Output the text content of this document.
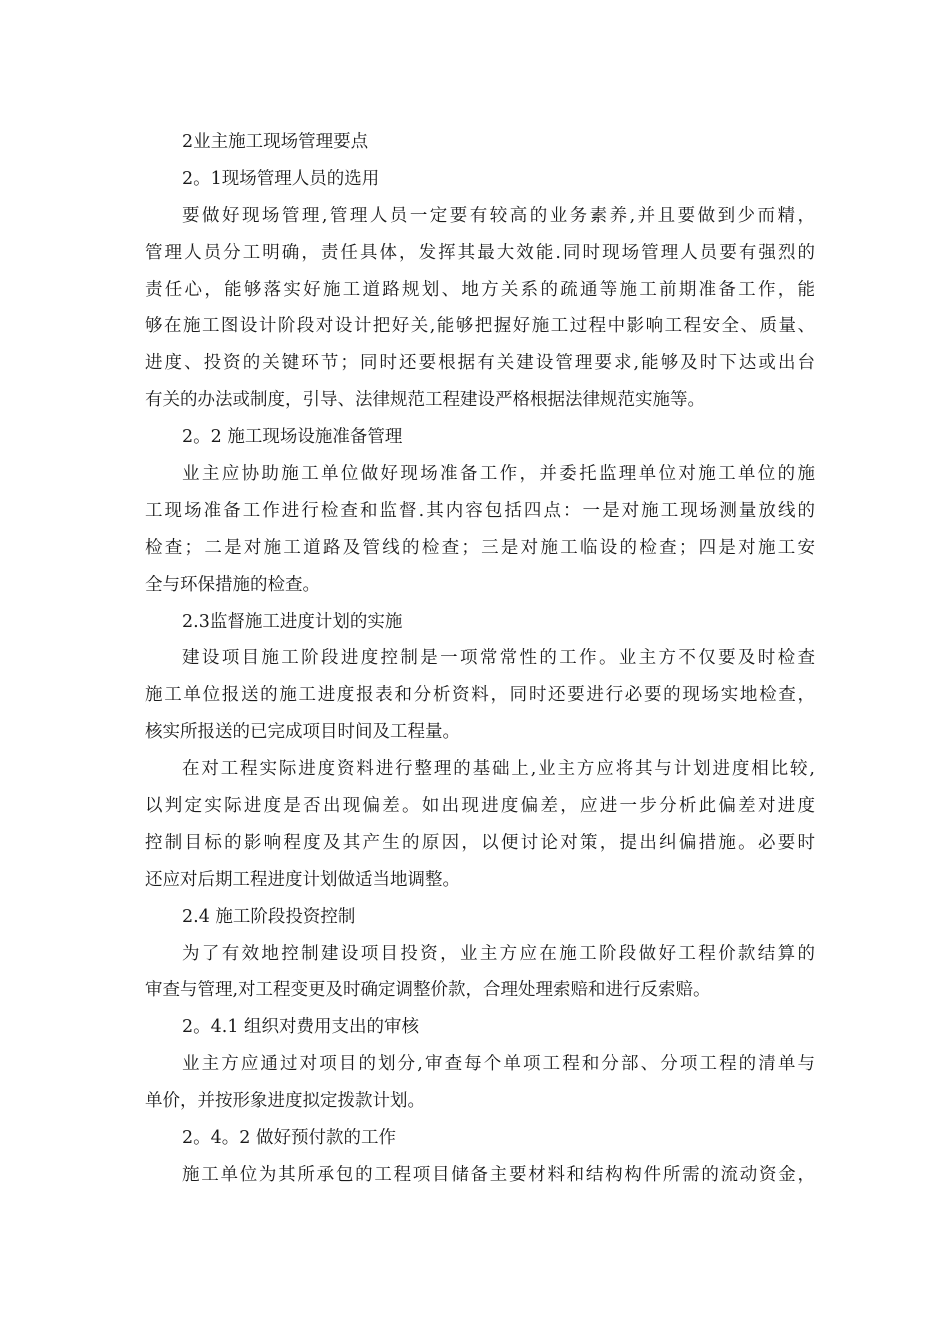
2业主施工现场管理要点
2。1现场管理人员的选用
要做好现场管理,管理人员一定要有较高的业务素养,并且要做到少而精，
管理人员分工明确，责任具体，发挥其最大效能.同时现场管理人员要有强烈的
责任心，能够落实好施工道路规划、地方关系的疏通等施工前期准备工作，能
够在施工图设计阶段对设计把好关,能够把握好施工过程中影响工程安全、质量、
进度、投资的关键环节；同时还要根据有关建设管理要求,能够及时下达或出台
有关的办法或制度，引导、法律规范工程建设严格根据法律规范实施等。
2。2 施工现场设施准备管理
业主应协助施工单位做好现场准备工作，并委托监理单位对施工单位的施
工现场准备工作进行检查和监督.其内容包括四点：一是对施工现场测量放线的
检查；二是对施工道路及管线的检查；三是对施工临设的检查；四是对施工安
全与环保措施的检查。
2.3监督施工进度计划的实施
建设项目施工阶段进度控制是一项常常性的工作。业主方不仅要及时检查
施工单位报送的施工进度报表和分析资料，同时还要进行必要的现场实地检查，
核实所报送的已完成项目时间及工程量。
在对工程实际进度资料进行整理的基础上,业主方应将其与计划进度相比较,
以判定实际进度是否出现偏差。如出现进度偏差，应进一步分析此偏差对进度
控制目标的影响程度及其产生的原因，以便讨论对策，提出纠偏措施。必要时
还应对后期工程进度计划做适当地调整。
2.4 施工阶段投资控制
为了有效地控制建设项目投资，业主方应在施工阶段做好工程价款结算的
审查与管理,对工程变更及时确定调整价款，合理处理索赔和进行反索赔。
2。4.1 组织对费用支出的审核
业主方应通过对项目的划分,审查每个单项工程和分部、分项工程的清单与
单价，并按形象进度拟定拨款计划。
2。4。2 做好预付款的工作
施工单位为其所承包的工程项目储备主要材料和结构构件所需的流动资金，
